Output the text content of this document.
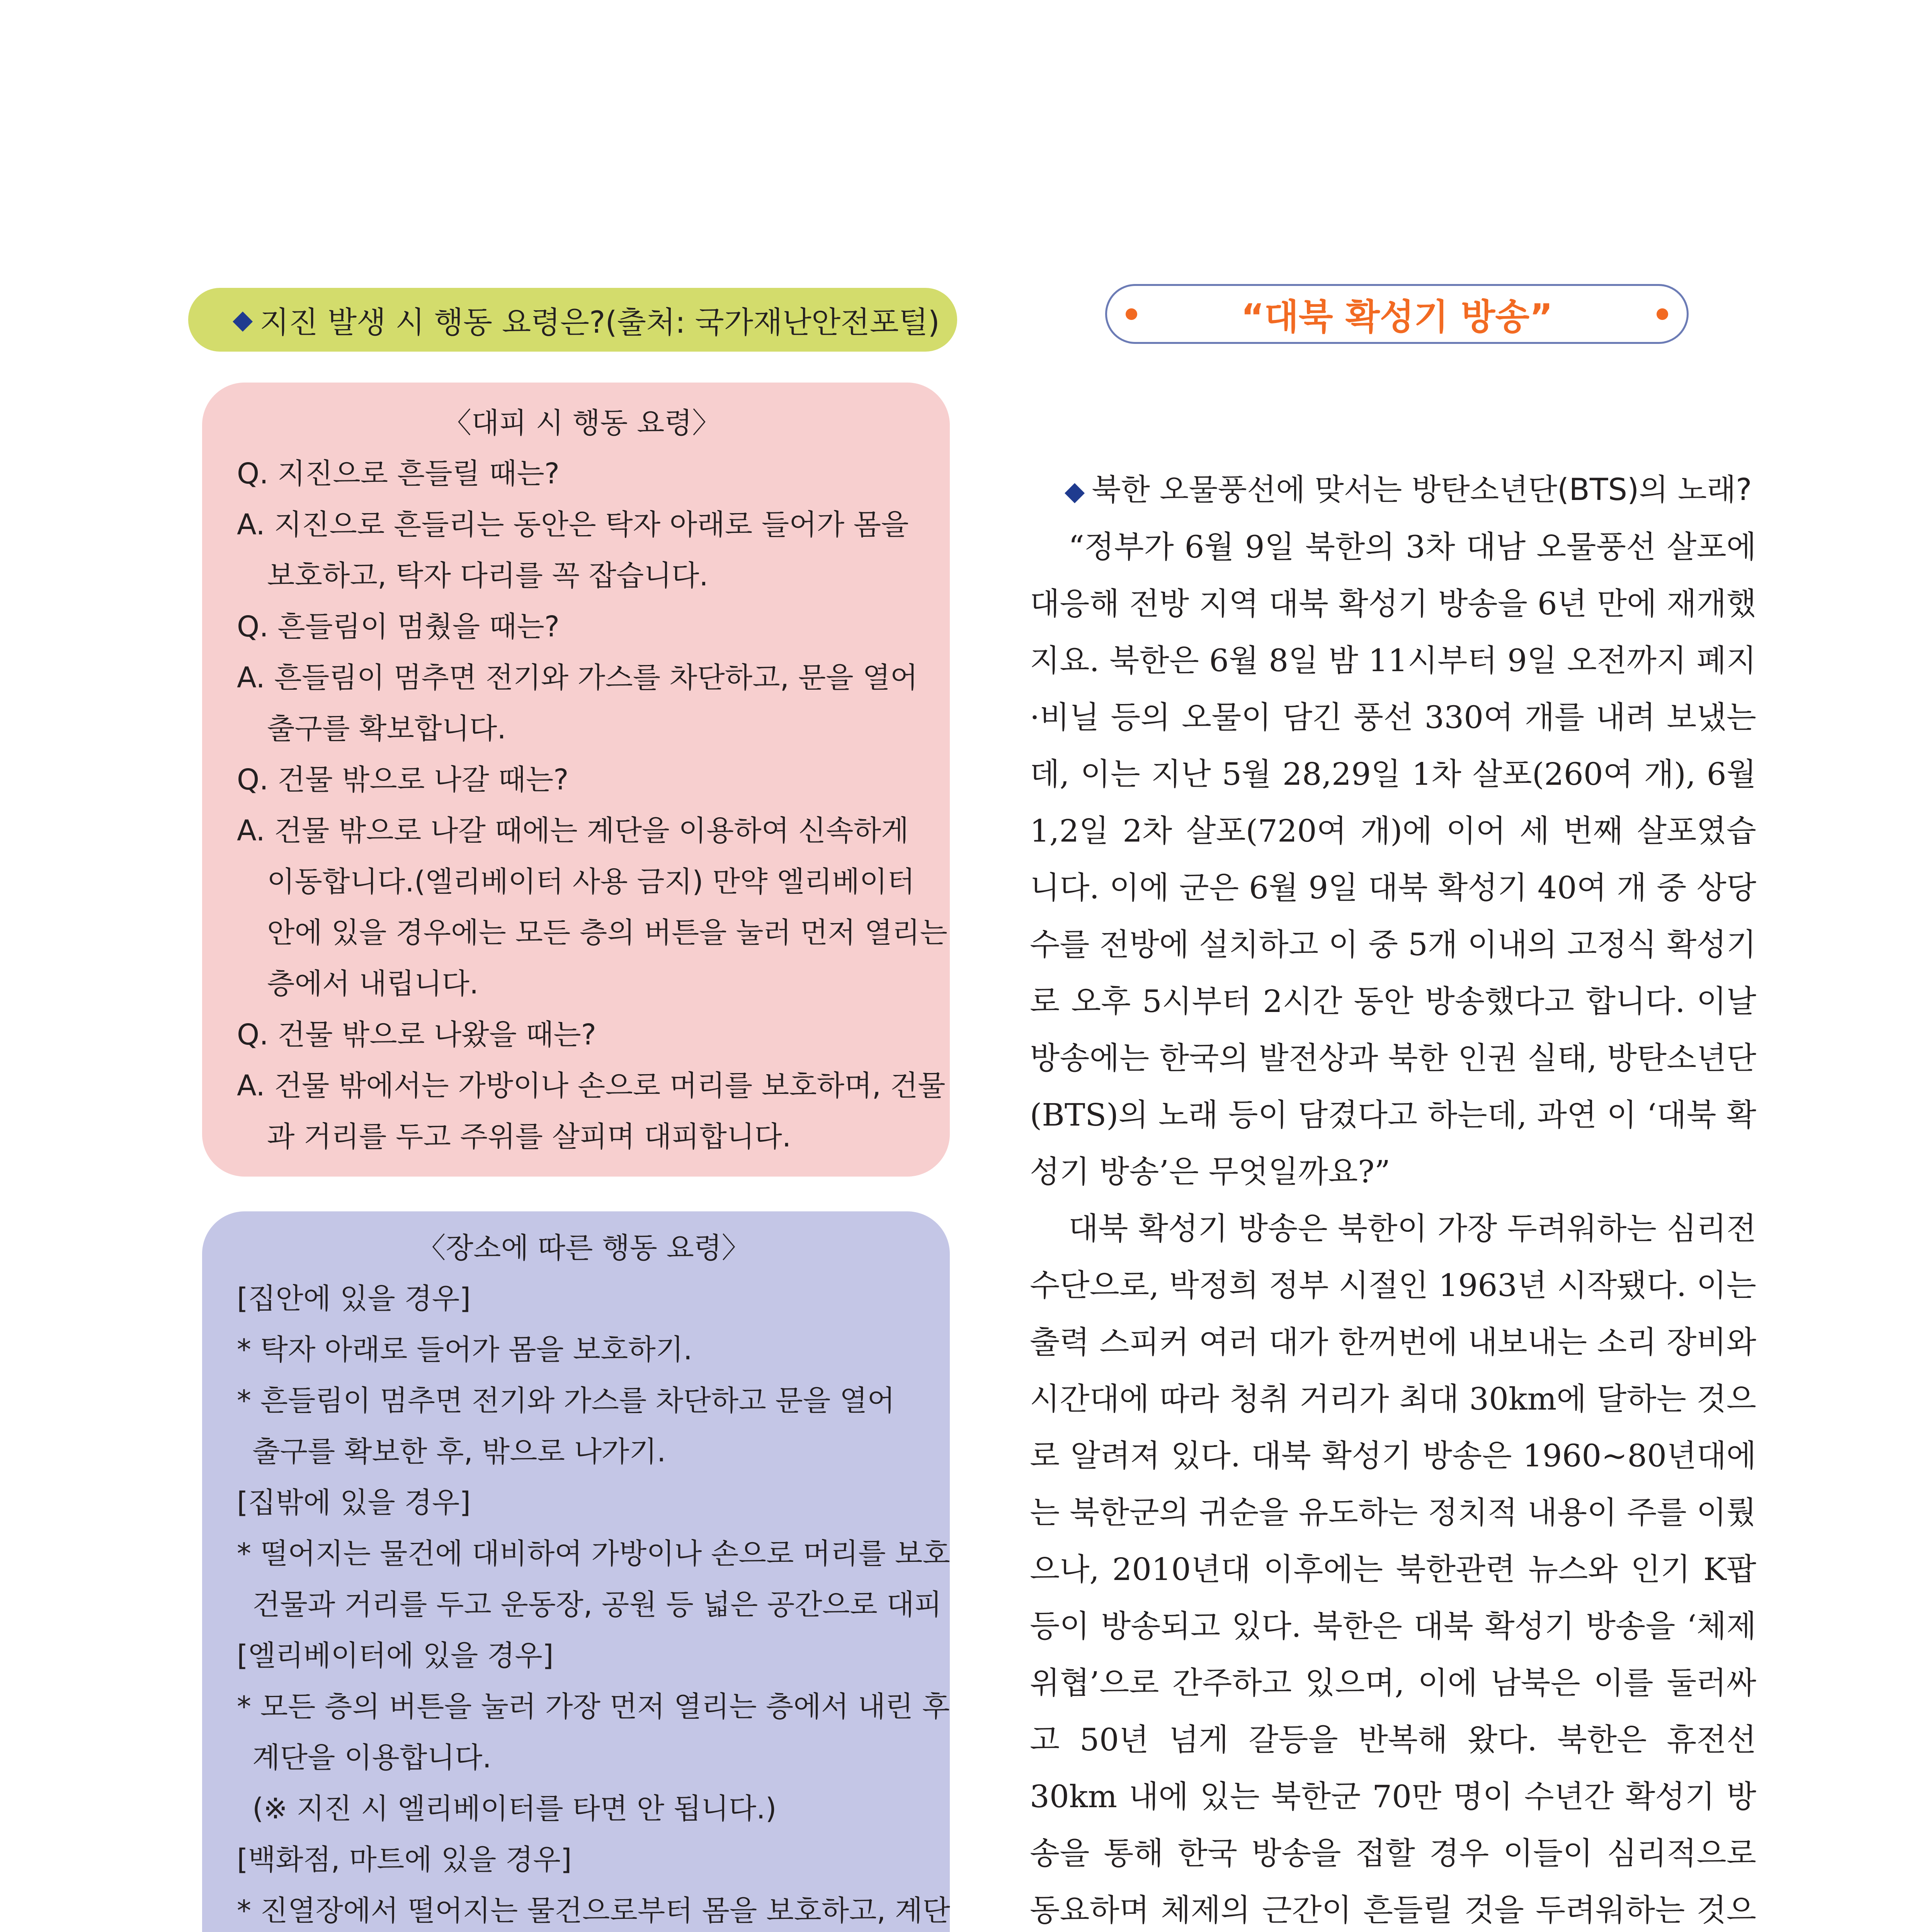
◆ 지진 발생 시 행동 요령은?(출처: 국가재난안전포털)
〈대피 시 행동 요령〉

Q. 지진으로 흔들릴 때는?

A. 지진으로 흔들리는 동안은 탁자 아래로 들어가 몸을

보호하고, 탁자 다리를 꼭 잡습니다.

Q. 흔들림이 멈췄을 때는?

A. 흔들림이 멈추면 전기와 가스를 차단하고, 문을 열어

출구를 확보합니다.

Q. 건물 밖으로 나갈 때는?

A. 건물 밖으로 나갈 때에는 계단을 이용하여 신속하게

이동합니다.(엘리베이터 사용 금지) 만약 엘리베이터

안에 있을 경우에는 모든 층의 버튼을 눌러 먼저 열리는

층에서 내립니다.

Q. 건물 밖으로 나왔을 때는?

A. 건물 밖에서는 가방이나 손으로 머리를 보호하며, 건물

과 거리를 두고 주위를 살피며 대피합니다.

〈장소에 따른 행동 요령〉

[집안에 있을 경우]

* 탁자 아래로 들어가 몸을 보호하기.

* 흔들림이 멈추면 전기와 가스를 차단하고 문을 열어

출구를 확보한 후, 밖으로 나가기.

[집밖에 있을 경우]

* 떨어지는 물건에 대비하여 가방이나 손으로 머리를 보호

건물과 거리를 두고 운동장, 공원 등 넓은 공간으로 대피

[엘리베이터에 있을 경우]

* 모든 층의 버튼을 눌러 가장 먼저 열리는 층에서 내린 후

계단을 이용합니다.

(※ 지진 시 엘리베이터를 타면 안 됩니다.)

[백화점, 마트에 있을 경우]

* 진열장에서 떨어지는 물건으로부터 몸을 보호하고, 계단

“대북 확성기 방송”
◆ 북한 오물풍선에 맞서는 방탄소년단(BTS)의 노래?

“정부가 6월 9일 북한의 3차 대남 오물풍선 살포에 대응해 전방 지역 대북 확성기 방송을 6년 만에 재개했지요. 북한은 6월 8일 밤 11시부터 9일 오전까지 폐지·비닐 등의 오물이 담긴 풍선 330여 개를 내려 보냈는데, 이는 지난 5월 28,29일 1차 살포(260여 개), 6월 1,2일 2차 살포(720여 개)에 이어 세 번째 살포였습니다. 이에 군은 6월 9일 대북 확성기 40여 개 중 상당수를 전방에 설치하고 이 중 5개 이내의 고정식 확성기로 오후 5시부터 2시간 동안 방송했다고 합니다. 이날 방송에는 한국의 발전상과 북한 인권 실태, 방탄소년단(BTS)의 노래 등이 담겼다고 하는데, 과연 이 ‘대북 확성기 방송’은 무엇일까요?”

대북 확성기 방송은 북한이 가장 두려워하는 심리전 수단으로, 박정희 정부 시절인 1963년 시작됐다. 이는 출력 스피커 여러 대가 한꺼번에 내보내는 소리 장비와 시간대에 따라 청취 거리가 최대 30km에 달하는 것으로 알려져 있다. 대북 확성기 방송은 1960~80년대에는 북한군의 귀순을 유도하는 정치적 내용이 주를 이뤘으나, 2010년대 이후에는 북한관련 뉴스와 인기 K팝 등이 방송되고 있다. 북한은 대북 확성기 방송을 ‘체제 위협’으로 간주하고 있으며, 이에 남북은 이를 둘러싸고 50년 넘게 갈등을 반복해 왔다. 북한은 휴전선 30km 내에 있는 북한군 70만 명이 수년간 확성기 방송을 통해 한국 방송을 접할 경우 이들이 심리적으로 동요하며 체제의 근간이 흔들릴 것을 두려워하는 것으
